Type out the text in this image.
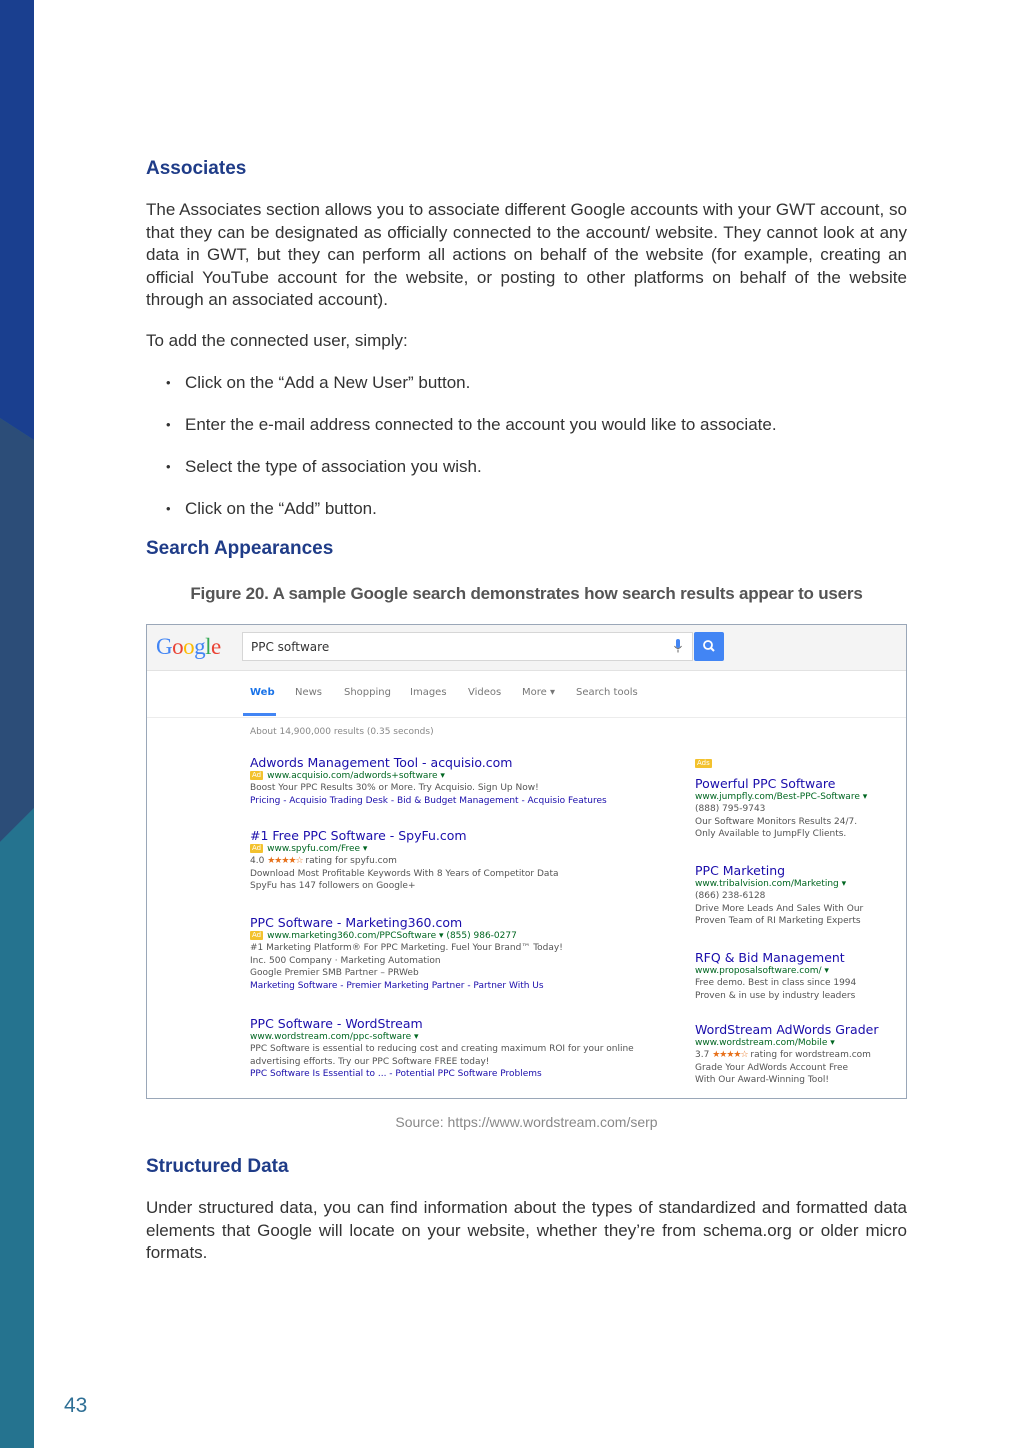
Associates

The Associates section allows you to associate different Google accounts with your GWT account, so that they can be designated as officially connected to the account/ website. They cannot look at any data in GWT, but they can perform all actions on behalf of the website (for example, creating an official YouTube account for the website, or posting to other platforms on behalf of the website through an associated account).

To add the connected user, simply:

• Click on the “Add a New User” button.
• Enter the e-mail address connected to the account you would like to associate.
• Select the type of association you wish.
• Click on the “Add” button.
Search Appearances
Figure 20. A sample Google search demonstrates how search results appear to users
Google	PPC software
Web News Shopping Images Videos More ▾ Search tools
About 14,900,000 results (0.35 seconds)
Adwords Management Tool - acquisio.com
Ad www.acquisio.com/adwords+software ▾
Boost Your PPC Results 30% or More. Try Acquisio. Sign Up Now!
Pricing - Acquisio Trading Desk - Bid & Budget Management - Acquisio Features
#1 Free PPC Software - SpyFu.com
Ad www.spyfu.com/Free ▾
4.0 ★★★★☆ rating for spyfu.com
Download Most Profitable Keywords With 8 Years of Competitor Data
SpyFu has 147 followers on Google+
PPC Software - Marketing360.com
Ad www.marketing360.com/PPCSoftware ▾ (855) 986-0277
#1 Marketing Platform® For PPC Marketing. Fuel Your Brand™ Today!
Inc. 500 Company · Marketing Automation
Google Premier SMB Partner – PRWeb
Marketing Software - Premier Marketing Partner - Partner With Us
PPC Software - WordStream
www.wordstream.com/ppc-software ▾
PPC Software is essential to reducing cost and creating maximum ROI for your online
advertising efforts. Try our PPC Software FREE today!
PPC Software Is Essential to ... - Potential PPC Software Problems
Ads
Powerful PPC Software
www.jumpfly.com/Best-PPC-Software ▾
(888) 795-9743
Our Software Monitors Results 24/7.
Only Available to JumpFly Clients.
PPC Marketing
www.tribalvision.com/Marketing ▾
(866) 238-6128
Drive More Leads And Sales With Our
Proven Team of RI Marketing Experts
RFQ & Bid Management
www.proposalsoftware.com/ ▾
Free demo. Best in class since 1994
Proven & in use by industry leaders
WordStream AdWords Grader
www.wordstream.com/Mobile ▾
3.7 ★★★★☆ rating for wordstream.com
Grade Your AdWords Account Free
With Our Award-Winning Tool!
Source: https://www.wordstream.com/serp
Structured Data

Under structured data, you can find information about the types of standardized and formatted data elements that Google will locate on your website, whether they’re from schema.org or older micro formats.

43
